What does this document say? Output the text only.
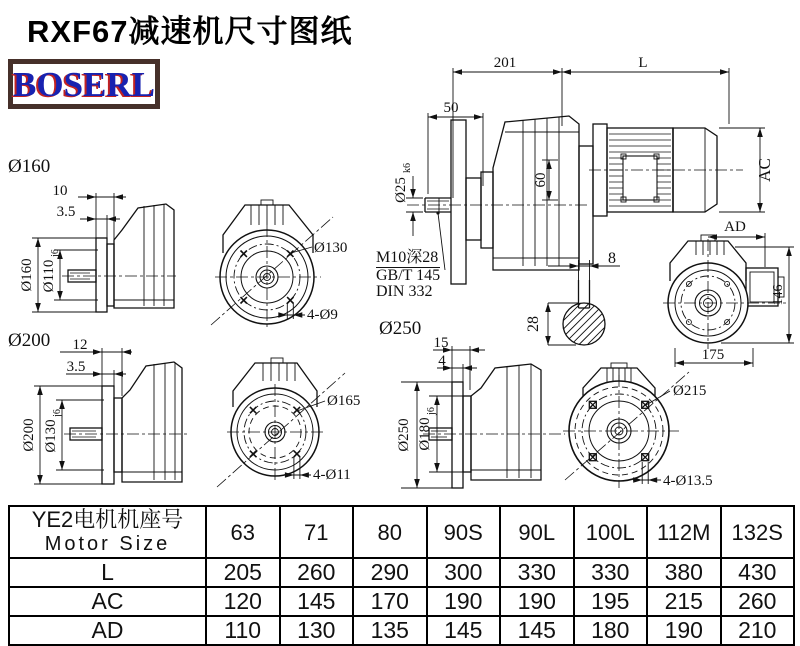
RXF67减速机尺寸图纸
BOSERL
Ø160
Ø200
Ø250
M10深28
GB/T 145
DIN 332
201	L
50
Ø25
k6
60	AC
10
3.5
Ø160 Ø110
j6	Ø130
4-Ø9
8
28
AD
146
175
12
3.5
Ø200 Ø130
j6
Ø165
4-Ø11
15
4
Ø250 Ø180
j6
Ø215
4-Ø13.5
YE2电机机座号
Motor Size	63	71	80	90S	90L	100L	112M	132S
L	205	260	290	300	330	330	380	430
AC	120	145	170	190	190	195	215	260
AD	110	130	135	145	145	180	190	210
